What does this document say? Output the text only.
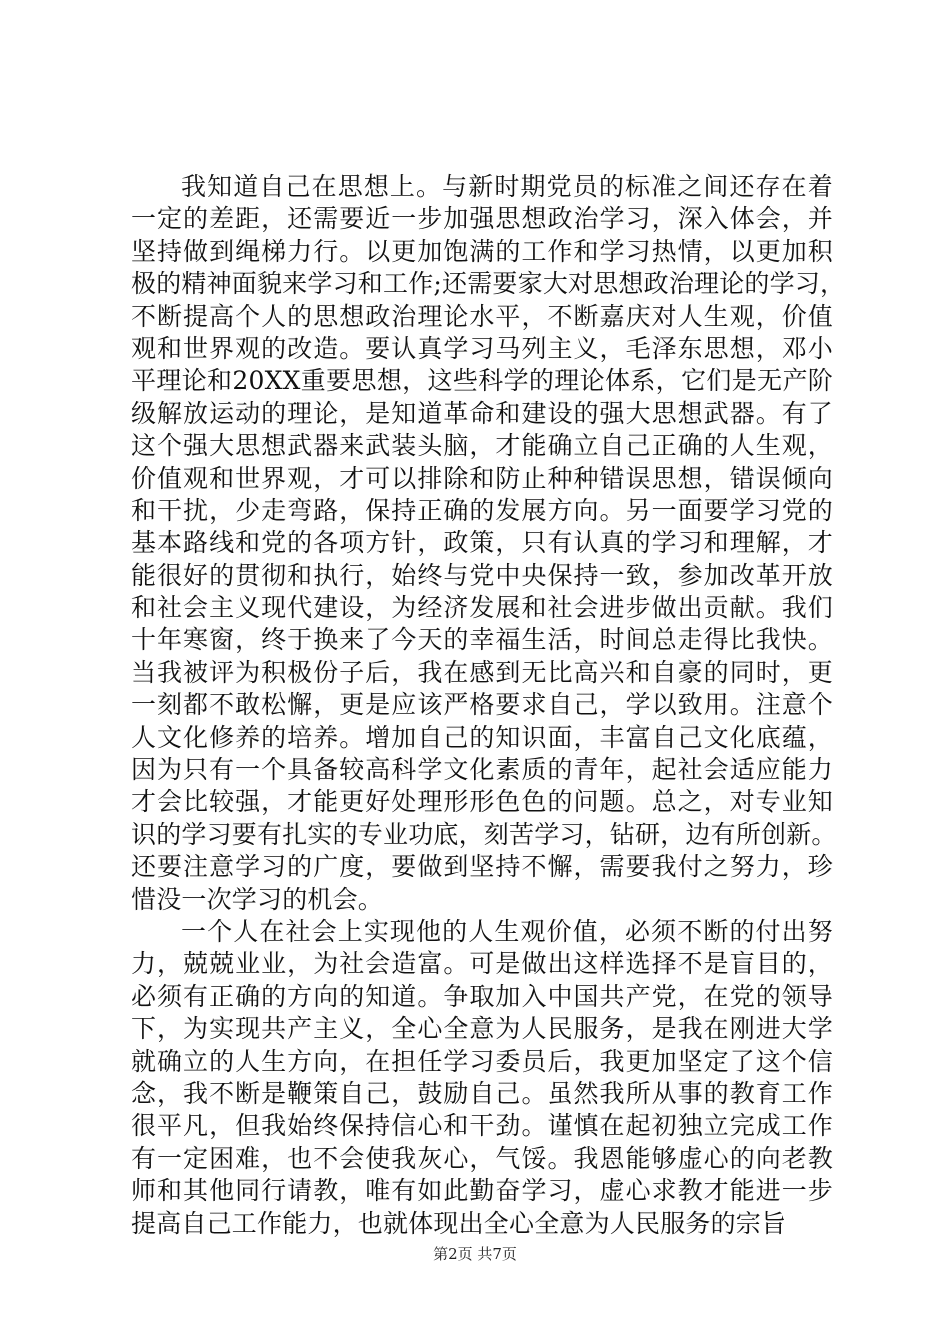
我知道自己在思想上。与新时期党员的标准之间还存在着
一定的差距，还需要近一步加强思想政治学习，深入体会，并
坚持做到绳梯力行。以更加饱满的工作和学习热情，以更加积
极的精神面貌来学习和工作;还需要家大对思想政治理论的学习，
不断提高个人的思想政治理论水平，不断嘉庆对人生观，价值
观和世界观的改造。要认真学习马列主义，毛泽东思想，邓小
平理论和20XX重要思想，这些科学的理论体系，它们是无产阶
级解放运动的理论，是知道革命和建设的强大思想武器。有了
这个强大思想武器来武装头脑，才能确立自己正确的人生观，
价值观和世界观，才可以排除和防止种种错误思想，错误倾向
和干扰，少走弯路，保持正确的发展方向。另一面要学习党的
基本路线和党的各项方针，政策，只有认真的学习和理解，才
能很好的贯彻和执行，始终与党中央保持一致，参加改革开放
和社会主义现代建设，为经济发展和社会进步做出贡献。我们
十年寒窗，终于换来了今天的幸福生活，时间总走得比我快。
当我被评为积极份子后，我在感到无比高兴和自豪的同时，更
一刻都不敢松懈，更是应该严格要求自己，学以致用。注意个
人文化修养的培养。增加自己的知识面，丰富自己文化底蕴，
因为只有一个具备较高科学文化素质的青年，起社会适应能力
才会比较强，才能更好处理形形色色的问题。总之，对专业知
识的学习要有扎实的专业功底，刻苦学习，钻研，边有所创新。
还要注意学习的广度，要做到坚持不懈，需要我付之努力，珍
惜没一次学习的机会。
一个人在社会上实现他的人生观价值，必须不断的付出努
力，兢兢业业，为社会造富。可是做出这样选择不是盲目的，
必须有正确的方向的知道。争取加入中国共产党，在党的领导
下，为实现共产主义，全心全意为人民服务，是我在刚进大学
就确立的人生方向，在担任学习委员后，我更加坚定了这个信
念，我不断是鞭策自己，鼓励自己。虽然我所从事的教育工作
很平凡，但我始终保持信心和干劲。谨慎在起初独立完成工作
有一定困难，也不会使我灰心，气馁。我恩能够虚心的向老教
师和其他同行请教，唯有如此勤奋学习，虚心求教才能进一步
提高自己工作能力，也就体现出全心全意为人民服务的宗旨
第2页 共7页
